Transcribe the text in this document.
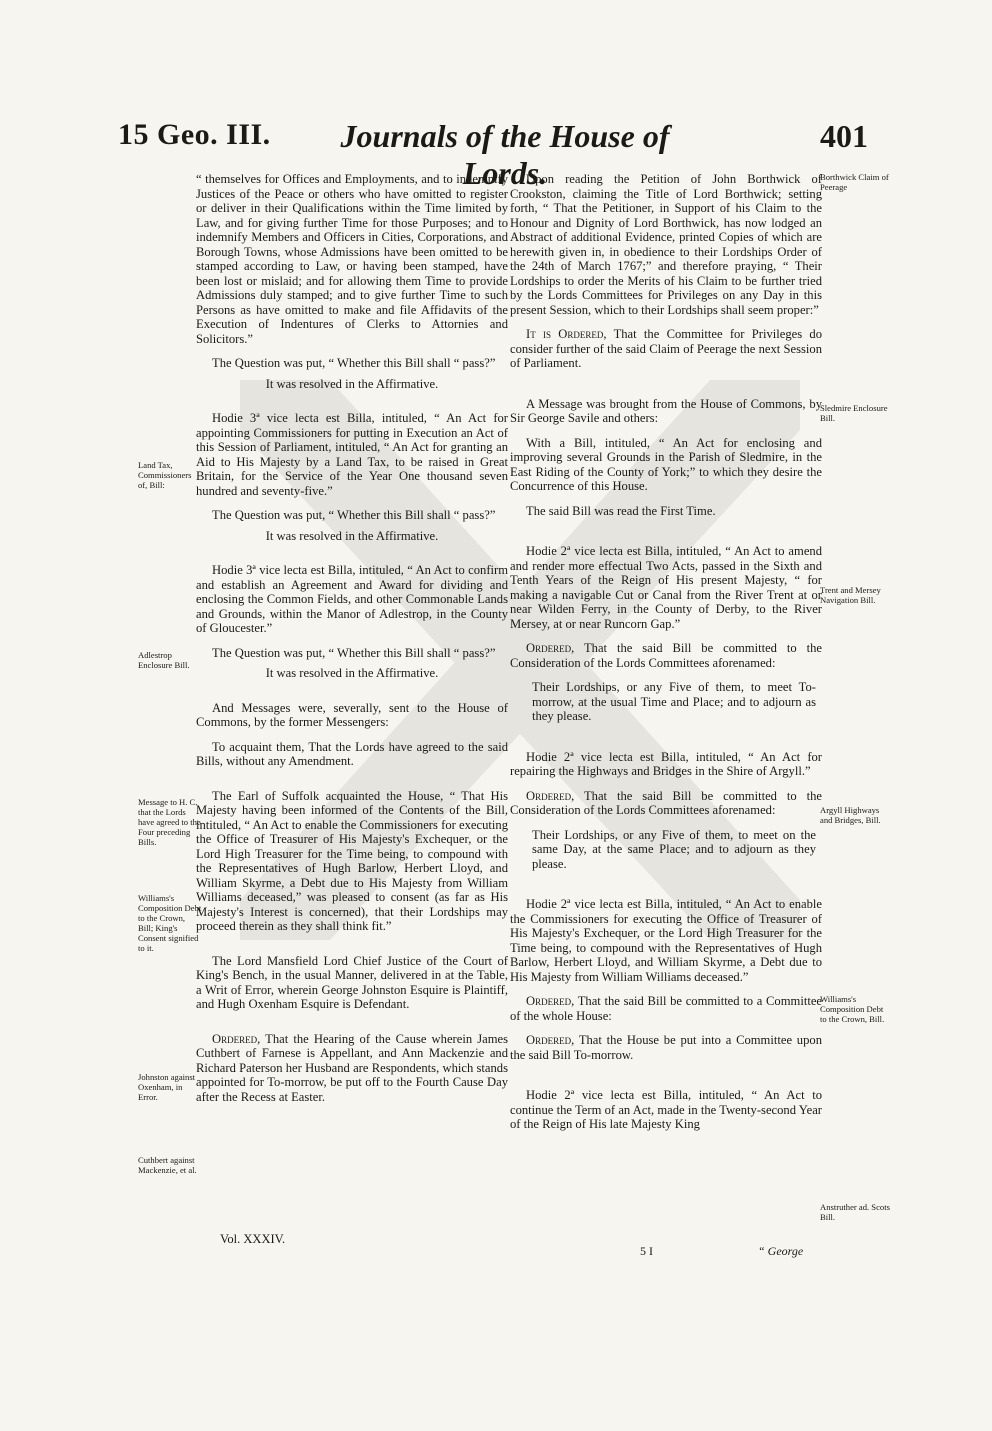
15 Geo. III. Journals of the House of Lords.
401

“ themselves for Offices and Employments, and to indemnify Justices of the Peace or others who have omitted to register or deliver in their Qualifications within the Time limited by Law, and for giving further Time for those Purposes; and to indemnify Members and Officers in Cities, Corporations, and Borough Towns, whose Admissions have been omitted to be stamped according to Law, or having been stamped, have been lost or mislaid; and for allowing them Time to provide Admissions duly stamped; and to give further Time to such Persons as have omitted to make and file Affidavits of the Execution of Indentures of Clerks to Attornies and Solicitors.”

The Question was put, “ Whether this Bill shall “ pass?”

It was resolved in the Affirmative.

Hodie 3ª vice lecta est Billa, intituled, “ An Act for appointing Commissioners for putting in Execution an Act of this Session of Parliament, intituled, “ An Act for granting an Aid to His Majesty by a Land Tax, to be raised in Great Britain, for the Service of the Year One thousand seven hundred and seventy-five.”

The Question was put, “ Whether this Bill shall “ pass?”

It was resolved in the Affirmative.

Hodie 3ª vice lecta est Billa, intituled, “ An Act to confirm and establish an Agreement and Award for dividing and enclosing the Common Fields, and other Commonable Lands and Grounds, within the Manor of Adlestrop, in the County of Gloucester.”

The Question was put, “ Whether this Bill shall “ pass?”

It was resolved in the Affirmative.

And Messages were, severally, sent to the House of Commons, by the former Messengers:

To acquaint them, That the Lords have agreed to the said Bills, without any Amendment.

The Earl of Suffolk acquainted the House, “ That His Majesty having been informed of the Contents of the Bill, intituled, “ An Act to enable the Commissioners for executing the Office of Treasurer of His Majesty's Exchequer, or the Lord High Treasurer for the Time being, to compound with the Representatives of Hugh Barlow, Herbert Lloyd, and William Skyrme, a Debt due to His Majesty from William Williams deceased,” was pleased to consent (as far as His Majesty's Interest is concerned), that their Lordships may proceed therein as they shall think fit.”

The Lord Mansfield Lord Chief Justice of the Court of King's Bench, in the usual Manner, delivered in at the Table, a Writ of Error, wherein George Johnston Esquire is Plaintiff, and Hugh Oxenham Esquire is Defendant.

Ordered, That the Hearing of the Cause wherein James Cuthbert of Farnese is Appellant, and Ann Mackenzie and Richard Paterson her Husband are Respondents, which stands appointed for To-morrow, be put off to the Fourth Cause Day after the Recess at Easter.

Upon reading the Petition of John Borthwick of Crookston, claiming the Title of Lord Borthwick; setting forth, “ That the Petitioner, in Support of his Claim to the Honour and Dignity of Lord Borthwick, has now lodged an Abstract of additional Evidence, printed Copies of which are herewith given in, in obedience to their Lordships Order of the 24th of March 1767;” and therefore praying, “ Their Lordships to order the Merits of his Claim to be further tried by the Lords Committees for Privileges on any Day in this present Session, which to their Lordships shall seem proper:”

It is Ordered, That the Committee for Privileges do consider further of the said Claim of Peerage the next Session of Parliament.

A Message was brought from the House of Commons, by Sir George Savile and others:

With a Bill, intituled, “ An Act for enclosing and improving several Grounds in the Parish of Sledmire, in the East Riding of the County of York;” to which they desire the Concurrence of this House.

The said Bill was read the First Time.

Hodie 2ª vice lecta est Billa, intituled, “ An Act to amend and render more effectual Two Acts, passed in the Sixth and Tenth Years of the Reign of His present Majesty, “ for making a navigable Cut or Canal from the River Trent at or near Wilden Ferry, in the County of Derby, to the River Mersey, at or near Runcorn Gap.”

Ordered, That the said Bill be committed to the Consideration of the Lords Committees aforenamed:

Their Lordships, or any Five of them, to meet To-morrow, at the usual Time and Place; and to adjourn as they please.

Hodie 2ª vice lecta est Billa, intituled, “ An Act for repairing the Highways and Bridges in the Shire of Argyll.”

Ordered, That the said Bill be committed to the Consideration of the Lords Committees aforenamed:

Their Lordships, or any Five of them, to meet on the same Day, at the same Place; and to adjourn as they please.

Hodie 2ª vice lecta est Billa, intituled, “ An Act to enable the Commissioners for executing the Office of Treasurer of His Majesty's Exchequer, or the Lord High Treasurer for the Time being, to compound with the Representatives of Hugh Barlow, Herbert Lloyd, and William Skyrme, a Debt due to His Majesty from William Williams deceased.”

Ordered, That the said Bill be committed to a Committee of the whole House:

Ordered, That the House be put into a Committee upon the said Bill To-morrow.

Hodie 2ª vice lecta est Billa, intituled, “ An Act to continue the Term of an Act, made in the Twenty-second Year of the Reign of His late Majesty King

Vol. XXXIV.
5 I	“ George
Land Tax, Commissioners of, Bill:
Adlestrop Enclosure Bill.
Message to H. C. that the Lords have agreed to the Four preceding Bills.
Williams's Composition Debt to the Crown, Bill; King's Consent signified to it.
Johnston against Oxenham, in Error.
Cuthbert against Mackenzie, et al.
Borthwick Claim of Peerage
Sledmire Enclosure Bill.
Trent and Mersey Navigation Bill.
Argyll Highways and Bridges, Bill.
Williams's Composition Debt to the Crown, Bill.
Anstruther ad. Scots Bill.
